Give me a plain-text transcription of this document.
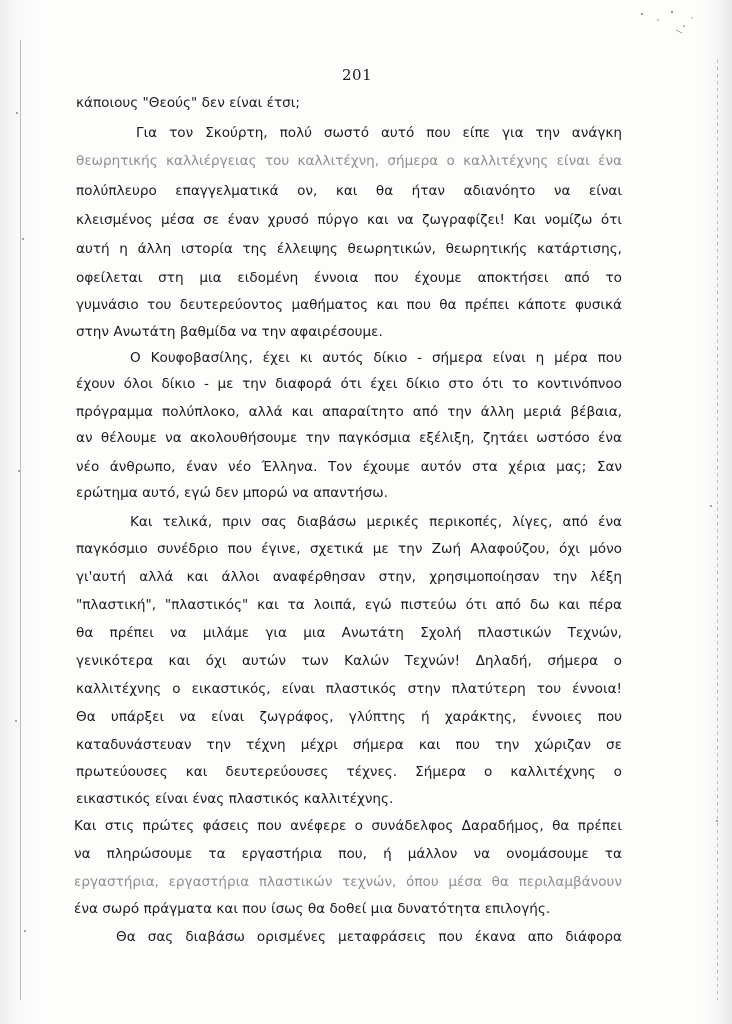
201
κάποιους "Θεούς" δεν είναι έτσι;
Για τον Σκούρτη, πολύ σωστό αυτό που είπε για την ανάγκη
θεωρητικής καλλιέργειας του καλλιτέχνη, σήμερα ο καλλιτέχνης είναι ένα
πολύπλευρο επαγγελματικά ον, και θα ήταν αδιανόητο να είναι
κλεισμένος μέσα σε έναν χρυσό πύργο και να ζωγραφίζει! Και νομίζω ότι
αυτή η άλλη ιστορία της έλλειψης θεωρητικών, θεωρητικής κατάρτισης,
οφείλεται στη μια ειδομένη έννοια που έχουμε αποκτήσει από το
γυμνάσιο του δευτερεύοντος μαθήματος και που θα πρέπει κάποτε φυσικά
στην Ανωτάτη βαθμίδα να την αφαιρέσουμε.
Ο Κουφοβασίλης, έχει κι αυτός δίκιο - σήμερα είναι η μέρα που
έχουν όλοι δίκιο - με την διαφορά ότι έχει δίκιο στο ότι το κοντινόπνοο
πρόγραμμα πολύπλοκο, αλλά και απαραίτητο από την άλλη μεριά βέβαια,
αν θέλουμε να ακολουθήσουμε την παγκόσμια εξέλιξη, ζητάει ωστόσο ένα
νέο άνθρωπο, έναν νέο Έλληνα. Τον έχουμε αυτόν στα χέρια μας; Σαν
ερώτημα αυτό, εγώ δεν μπορώ να απαντήσω.
Και τελικά, πριν σας διαβάσω μερικές περικοπές, λίγες, από ένα
παγκόσμιο συνέδριο που έγινε, σχετικά με την Ζωή Αλαφούζου, όχι μόνο
γι'αυτή αλλά και άλλοι αναφέρθησαν στην, χρησιμοποίησαν την λέξη
"πλαστική", "πλαστικός" και τα λοιπά, εγώ πιστεύω ότι από δω και πέρα
θα πρέπει να μιλάμε για μια Ανωτάτη Σχολή πλαστικών Τεχνών,
γενικότερα και όχι αυτών των Καλών Τεχνών! Δηλαδή, σήμερα ο
καλλιτέχνης ο εικαστικός, είναι πλαστικός στην πλατύτερη του έννοια!
Θα υπάρξει να είναι ζωγράφος, γλύπτης ή χαράκτης, έννοιες που
καταδυνάστευαν την τέχνη μέχρι σήμερα και που την χώριζαν σε
πρωτεύουσες και δευτερεύουσες τέχνες. Σήμερα ο καλλιτέχνης ο
εικαστικός είναι ένας πλαστικός καλλιτέχνης.
Και στις πρώτες φάσεις που ανέφερε ο συνάδελφος Δαραδήμος, θα πρέπει
να πληρώσουμε τα εργαστήρια που, ή μάλλον να ονομάσουμε τα
εργαστήρια, εργαστήρια πλαστικών τεχνών, όπου μέσα θα περιλαμβάνουν
ένα σωρό πράγματα και που ίσως θα δοθεί μια δυνατότητα επιλογής.
Θα σας διαβάσω ορισμένες μεταφράσεις που έκανα απο διάφορα
